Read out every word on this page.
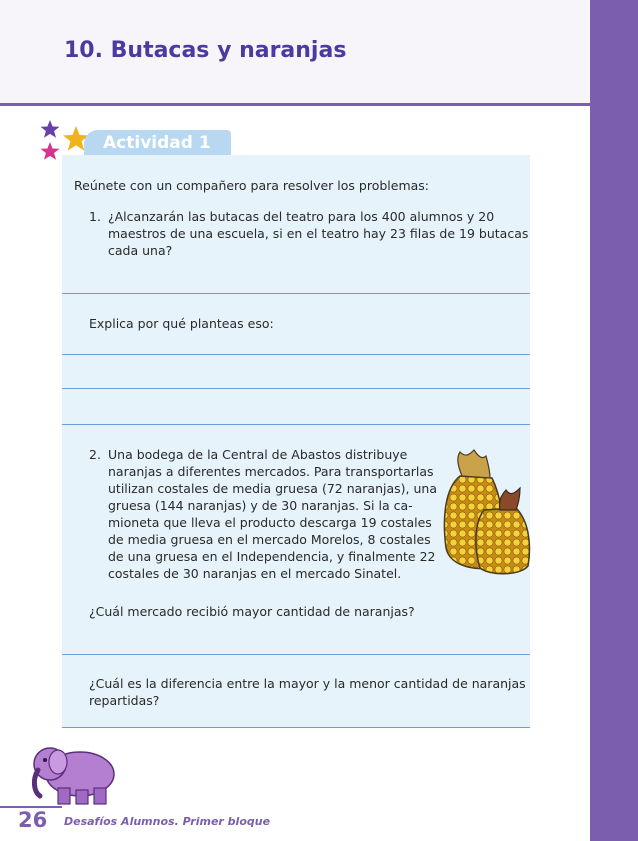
10. Butacas y naranjas
Actividad 1
Reúnete con un compañero para resolver los problemas:
1. ¿Alcanzarán las butacas del teatro para los 400 alumnos y 20
maestros de una escuela, si en el teatro hay 23 filas de 19 butacas
cada una?
Explica por qué planteas eso:
2. Una bodega de la Central de Abastos distribuye
naranjas a diferentes mercados. Para transportarlas
utilizan costales de media gruesa (72 naranjas), una
gruesa (144 naranjas) y de 30 naranjas. Si la ca-
mioneta que lleva el producto descarga 19 costales
de media gruesa en el mercado Morelos, 8 costales
de una gruesa en el Independencia, y finalmente 22
costales de 30 naranjas en el mercado Sinatel.
¿Cuál mercado recibió mayor cantidad de naranjas?
¿Cuál es la diferencia entre la mayor y la menor cantidad de naranjas
repartidas?
26 Desafíos Alumnos. Primer bloque
